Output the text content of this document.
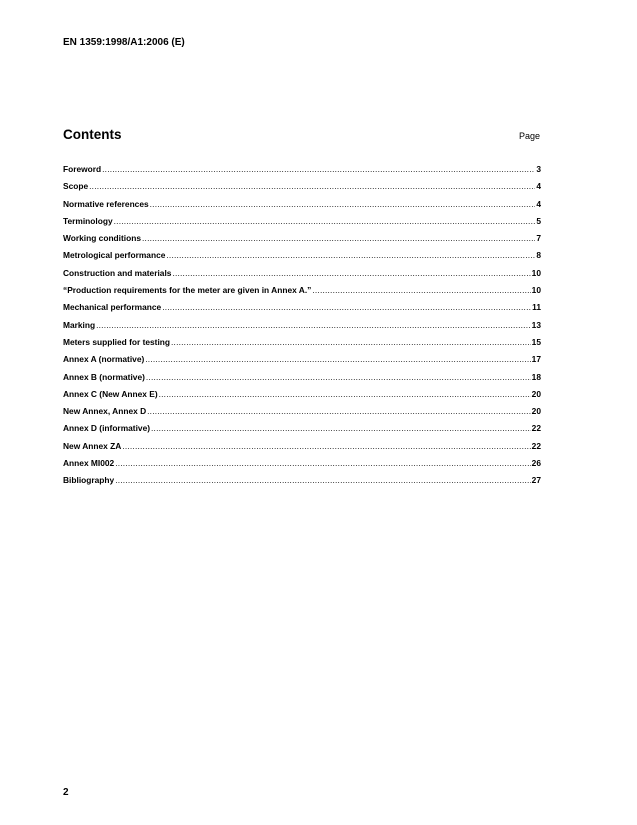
EN 1359:1998/A1:2006 (E)
Contents	Page
Foreword .....	3
Scope .....	4
Normative references .....	4
Terminology .....	5
Working conditions .....	7
Metrological performance .....	8
Construction and materials .....	10
“Production requirements for the meter are given in Annex A.” .....	10
Mechanical performance .....	11
Marking .....	13
Meters supplied for testing .....	15
Annex A (normative) .....	17
Annex B (normative) .....	18
Annex C (New Annex E) .....	20
New Annex, Annex D .....	20
Annex D (informative) .....	22
New Annex ZA .....	22
Annex MI002 .....	26
Bibliography .....	27
2
